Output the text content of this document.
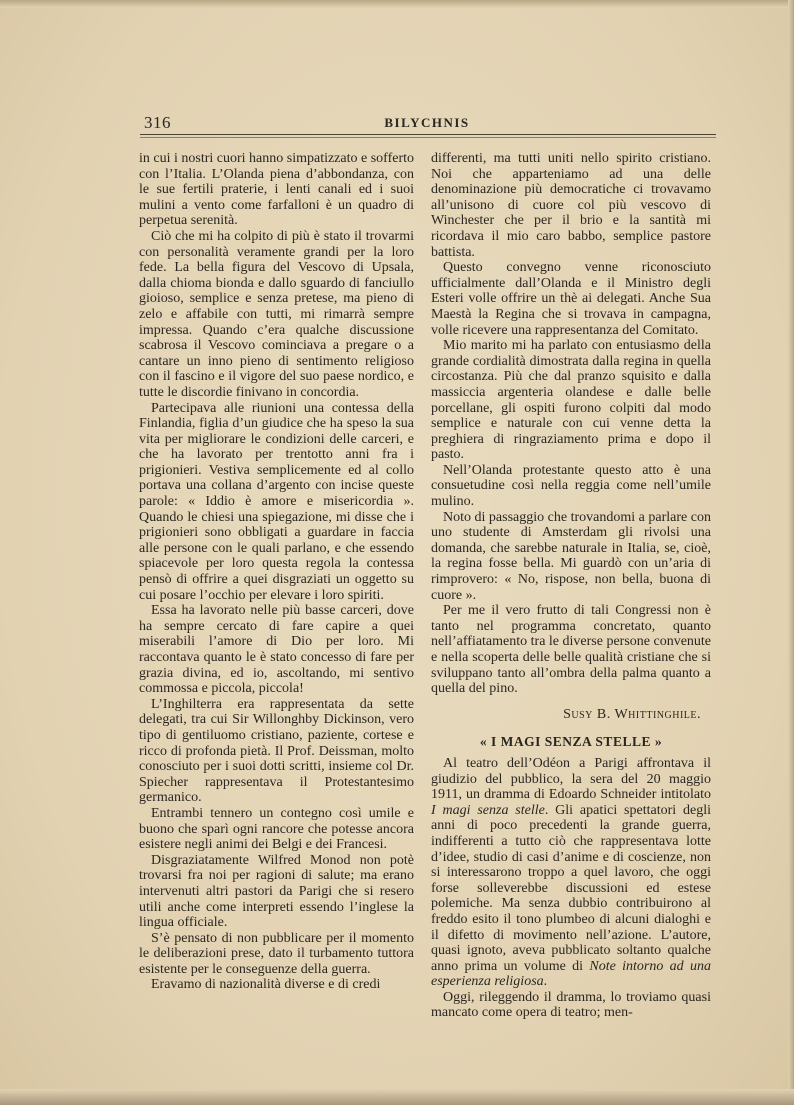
316	BILYCHNIS

in cui i nostri cuori hanno simpatizzato e sofferto con l’Italia. L’Olanda piena d’abbondanza, con le sue fertili praterie, i lenti canali ed i suoi mulini a vento come farfalloni è un quadro di perpetua serenità.

Ciò che mi ha colpito di più è stato il trovarmi con personalità veramente grandi per la loro fede. La bella figura del Vescovo di Upsala, dalla chioma bionda e dallo sguardo di fanciullo gioioso, semplice e senza pretese, ma pieno di zelo e affabile con tutti, mi rimarrà sempre impressa. Quando c’era qualche discussione scabrosa il Vescovo cominciava a pregare o a cantare un inno pieno di sentimento religioso con il fascino e il vigore del suo paese nordico, e tutte le discordie finivano in concordia.

Partecipava alle riunioni una contessa della Finlandia, figlia d’un giudice che ha speso la sua vita per migliorare le condizioni delle carceri, e che ha lavorato per trentotto anni fra i prigionieri. Vestiva semplicemente ed al collo portava una collana d’argento con incise queste parole: « Iddio è amore e misericordia ». Quando le chiesi una spiegazione, mi disse che i prigionieri sono obbligati a guardare in faccia alle persone con le quali parlano, e che essendo spiacevole per loro questa regola la contessa pensò di offrire a quei disgraziati un oggetto su cui posare l’occhio per elevare i loro spiriti.

Essa ha lavorato nelle più basse carceri, dove ha sempre cercato di fare capire a quei miserabili l’amore di Dio per loro. Mi raccontava quanto le è stato concesso di fare per grazia divina, ed io, ascoltando, mi sentivo commossa e piccola, piccola!

L’Inghilterra era rappresentata da sette delegati, tra cui Sir Willonghby Dickinson, vero tipo di gentiluomo cristiano, paziente, cortese e ricco di profonda pietà. Il Prof. Deissman, molto conosciuto per i suoi dotti scritti, insieme col Dr. Spiecher rappresentava il Protestantesimo germanico.

Entrambi tennero un contegno così umile e buono che sparì ogni rancore che potesse ancora esistere negli animi dei Belgi e dei Francesi.

Disgraziatamente Wilfred Monod non potè trovarsi fra noi per ragioni di salute; ma erano intervenuti altri pastori da Parigi che si resero utili anche come interpreti essendo l’inglese la lingua officiale.

S’è pensato di non pubblicare per il momento le deliberazioni prese, dato il turbamento tuttora esistente per le conseguenze della guerra.

Eravamo di nazionalità diverse e di credi

differenti, ma tutti uniti nello spirito cristiano. Noi che apparteniamo ad una delle denominazione più democratiche ci trovavamo all’unisono di cuore col più vescovo di Winchester che per il brio e la santità mi ricordava il mio caro babbo, semplice pastore battista.

Questo convegno venne riconosciuto ufficialmente dall’Olanda e il Ministro degli Esteri volle offrire un thè ai delegati. Anche Sua Maestà la Regina che si trovava in campagna, volle ricevere una rappresentanza del Comitato.

Mio marito mi ha parlato con entusiasmo della grande cordialità dimostrata dalla regina in quella circostanza. Più che dal pranzo squisito e dalla massiccia argenteria olandese e dalle belle porcellane, gli ospiti furono colpiti dal modo semplice e naturale con cui venne detta la preghiera di ringraziamento prima e dopo il pasto.

Nell’Olanda protestante questo atto è una consuetudine così nella reggia come nell’umile mulino.

Noto di passaggio che trovandomi a parlare con uno studente di Amsterdam gli rivolsi una domanda, che sarebbe naturale in Italia, se, cioè, la regina fosse bella. Mi guardò con un’aria di rimprovero: « No, rispose, non bella, buona di cuore ».

Per me il vero frutto di tali Congressi non è tanto nel programma concretato, quanto nell’affiatamento tra le diverse persone convenute e nella scoperta delle belle qualità cristiane che si sviluppano tanto all’ombra della palma quanto a quella del pino.

Susy B. Whittinghile.
« I MAGI SENZA STELLE »

Al teatro dell’Odéon a Parigi affrontava il giudizio del pubblico, la sera del 20 maggio 1911, un dramma di Edoardo Schneider intitolato I magi senza stelle. Gli apatici spettatori degli anni di poco precedenti la grande guerra, indifferenti a tutto ciò che rappresentava lotte d’idee, studio di casi d’anime e di coscienze, non si interessarono troppo a quel lavoro, che oggi forse solleverebbe discussioni ed estese polemiche. Ma senza dubbio contribuirono al freddo esito il tono plumbeo di alcuni dialoghi e il difetto di movimento nell’azione. L’autore, quasi ignoto, aveva pubblicato soltanto qualche anno prima un volume di Note intorno ad una esperienza religiosa.

Oggi, rileggendo il dramma, lo troviamo quasi mancato come opera di teatro; men-
